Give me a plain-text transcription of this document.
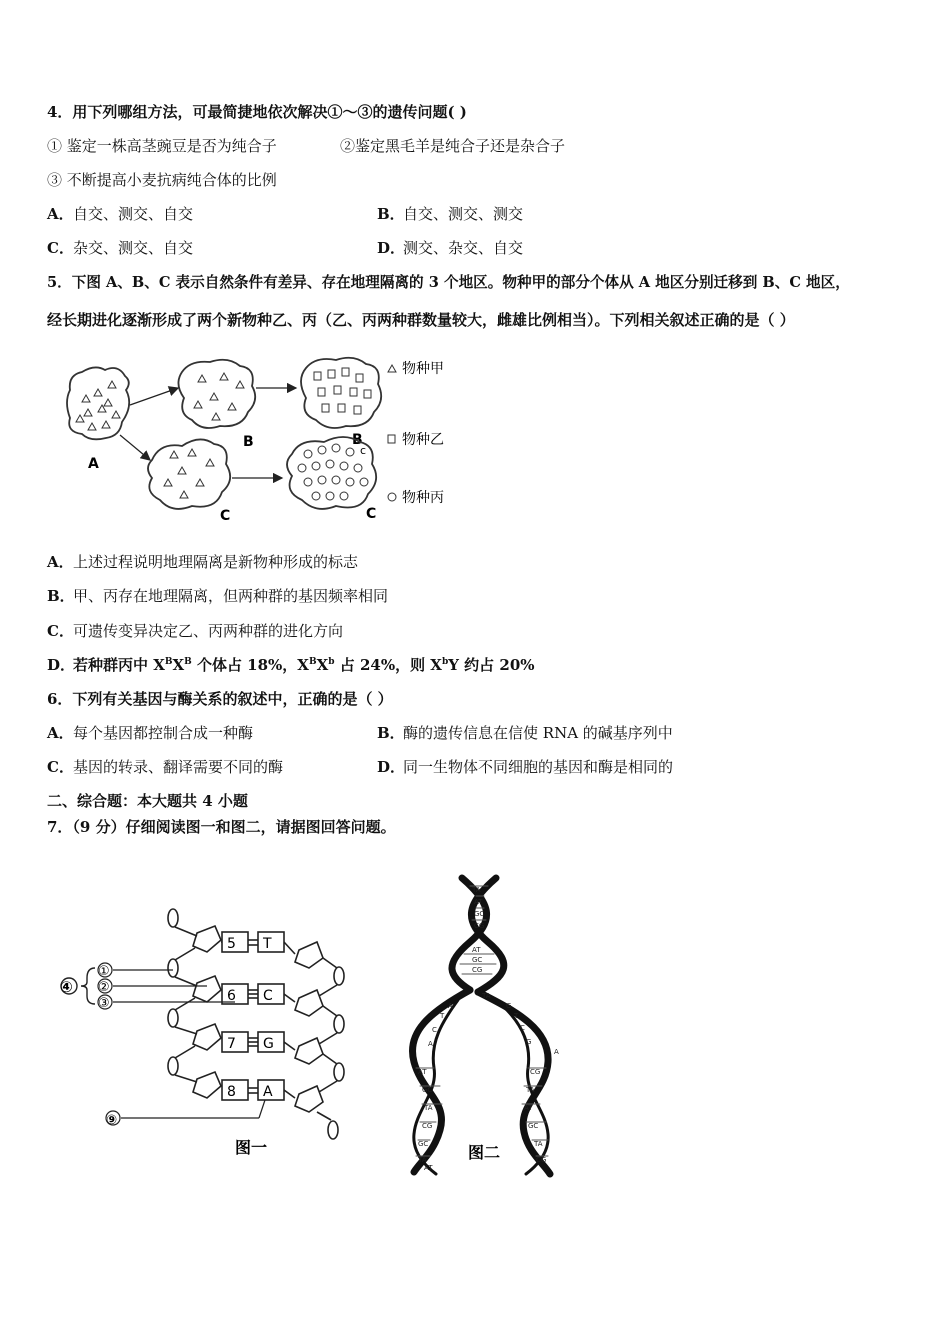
4．用下列哪组方法，可最简捷地依次解决①～③的遗传问题( )
① 鉴定一株高茎豌豆是否为纯合子	②鉴定黑毛羊是纯合子还是杂合子
③ 不断提高小麦抗病纯合体的比例
A．自交、测交、自交	B．自交、测交、测交
C．杂交、测交、自交	D．测交、杂交、自交
5．下图 A、B、C 表示自然条件有差异、存在地理隔离的 3 个地区。物种甲的部分个体从 A 地区分别迁移到 B、C 地区，
经长期进化逐渐形成了两个新物种乙、丙（乙、丙两种群数量较大，雌雄比例相当）。下列相关叙述正确的是（ ）
A
B	B
C
c
C
物种甲
物种乙
物种丙
A．上述过程说明地理隔离是新物种形成的标志
B．甲、丙存在地理隔离，但两种群的基因频率相同
C．可遗传变异决定乙、丙两种群的进化方向
D．若种群丙中 $X^BX^B$ 个体占 18%，$X^BX^b$ 占 24%，则 $X^bY$ 约占 20%
6．下列有关基因与酶关系的叙述中，正确的是（ ）
A．每个基因都控制合成一种酶	B．酶的遗传信息在信使 RNA 的碱基序列中
C．基因的转录、翻译需要不同的酶	D．同一生物体不同细胞的基因和酶是相同的
二、综合题：本大题共 4 小题
7．（9 分）仔细阅读图一和图二，请据图回答问题。
④
①
②
③
⑨
5 T
6 C
7 G
8 A
图一
TA
AT
GC
CG
AT
GC
CG
TA
A
T
C
A
G
T
C
G
A
AT
GC
TA
CG
GC
TA
AT
CG
TA
AT
GC
TA
CG
图二
